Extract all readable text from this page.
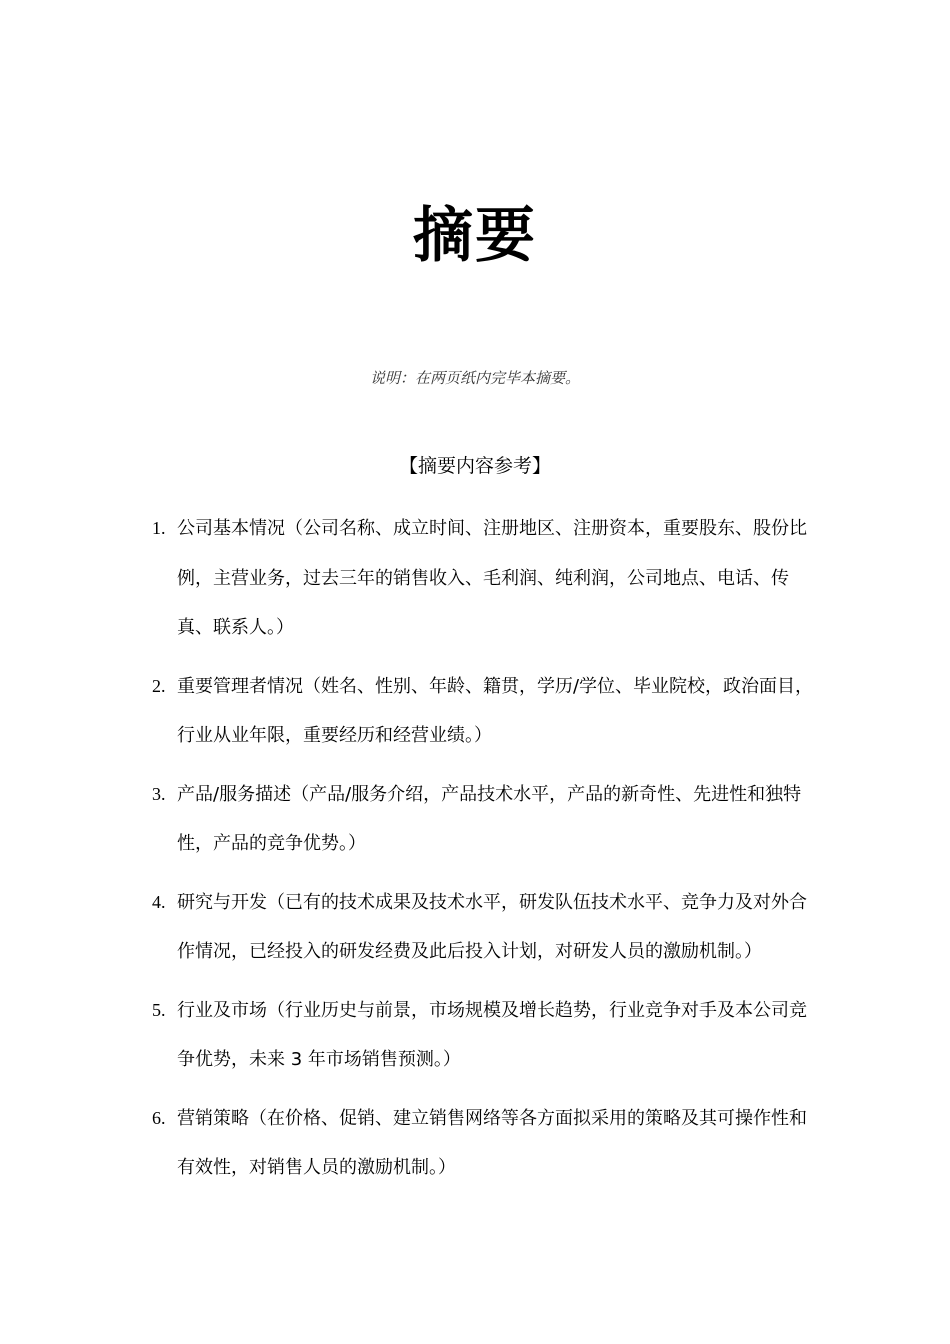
摘要
说明：在两页纸内完毕本摘要。
【摘要内容参考】
1. 公司基本情况（公司名称、成立时间、注册地区、注册资本，重要股东、股份比例，主营业务，过去三年的销售收入、毛利润、纯利润，公司地点、电话、传真、联系人。）
2. 重要管理者情况（姓名、性别、年龄、籍贯，学历/学位、毕业院校，政治面目，行业从业年限，重要经历和经营业绩。）
3. 产品/服务描述（产品/服务介绍，产品技术水平，产品的新奇性、先进性和独特性，产品的竞争优势。）
4. 研究与开发（已有的技术成果及技术水平，研发队伍技术水平、竞争力及对外合作情况，已经投入的研发经费及此后投入计划，对研发人员的激励机制。）
5. 行业及市场（行业历史与前景，市场规模及增长趋势，行业竞争对手及本公司竞争优势，未来 3 年市场销售预测。）
6. 营销策略（在价格、促销、建立销售网络等各方面拟采用的策略及其可操作性和有效性，对销售人员的激励机制。）
